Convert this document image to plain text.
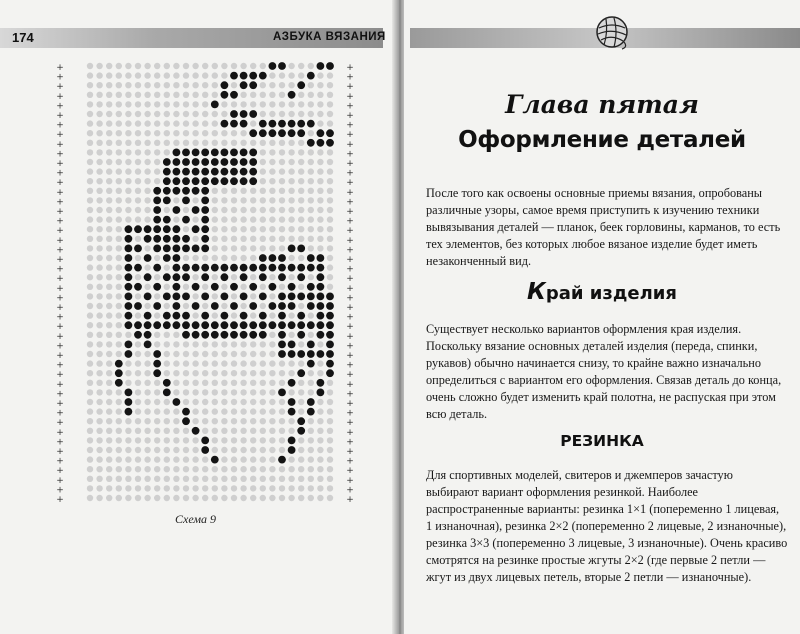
174	АЗБУКА ВЯЗАНИЯ
+	+
+	+
+	+
+	+
+	+
+	+
+	+
+	+
+	+
+	+
+	+
+	+
+	+
+	+
+	+
+	+
+	+
+	+
+	+
+	+
+	+
+	+
+	+
+	+
+	+
+	+
+	+
+	+
+	+
+	+
+	+
+	+
+	+
+	+
+	+
+	+
+	+
+	+
+	+
+	+
+	+
+	+
+	+
+	+
+	+
+	+
Схема 9
Глава пятая
Оформление деталей

После того как освоены основные приемы вязания, опробованы различные узоры, самое время приступить к изучению техники вывязывания деталей — планок, беек горловины, карманов, то есть тех элементов, без которых любое вязаное изделие будет иметь незаконченный вид.

Край изделия

Существует несколько вариантов оформления края изделия. Поскольку вязание основных деталей изделия (переда, спинки, рукавов) обычно начинается снизу, то крайне важно изначально определиться с вариантом его оформления. Связав деталь до конца, очень сложно будет изменить край полотна, не распуская при этом всю деталь.

РЕЗИНКА

Для спортивных моделей, свитеров и джемперов зачастую выбирают вариант оформления резинкой. Наиболее распространенные варианты: резинка 1×1 (попеременно 1 лицевая, 1 изнаночная), резинка 2×2 (попеременно 2 лицевые, 2 изнаночные), резинка 3×3 (попеременно 3 лицевые, 3 изнаночные). Очень красиво смотрятся на резинке простые жгуты 2×2 (где первые 2 петли — жгут из двух лицевых петель, вторые 2 петли — изнаночные).
